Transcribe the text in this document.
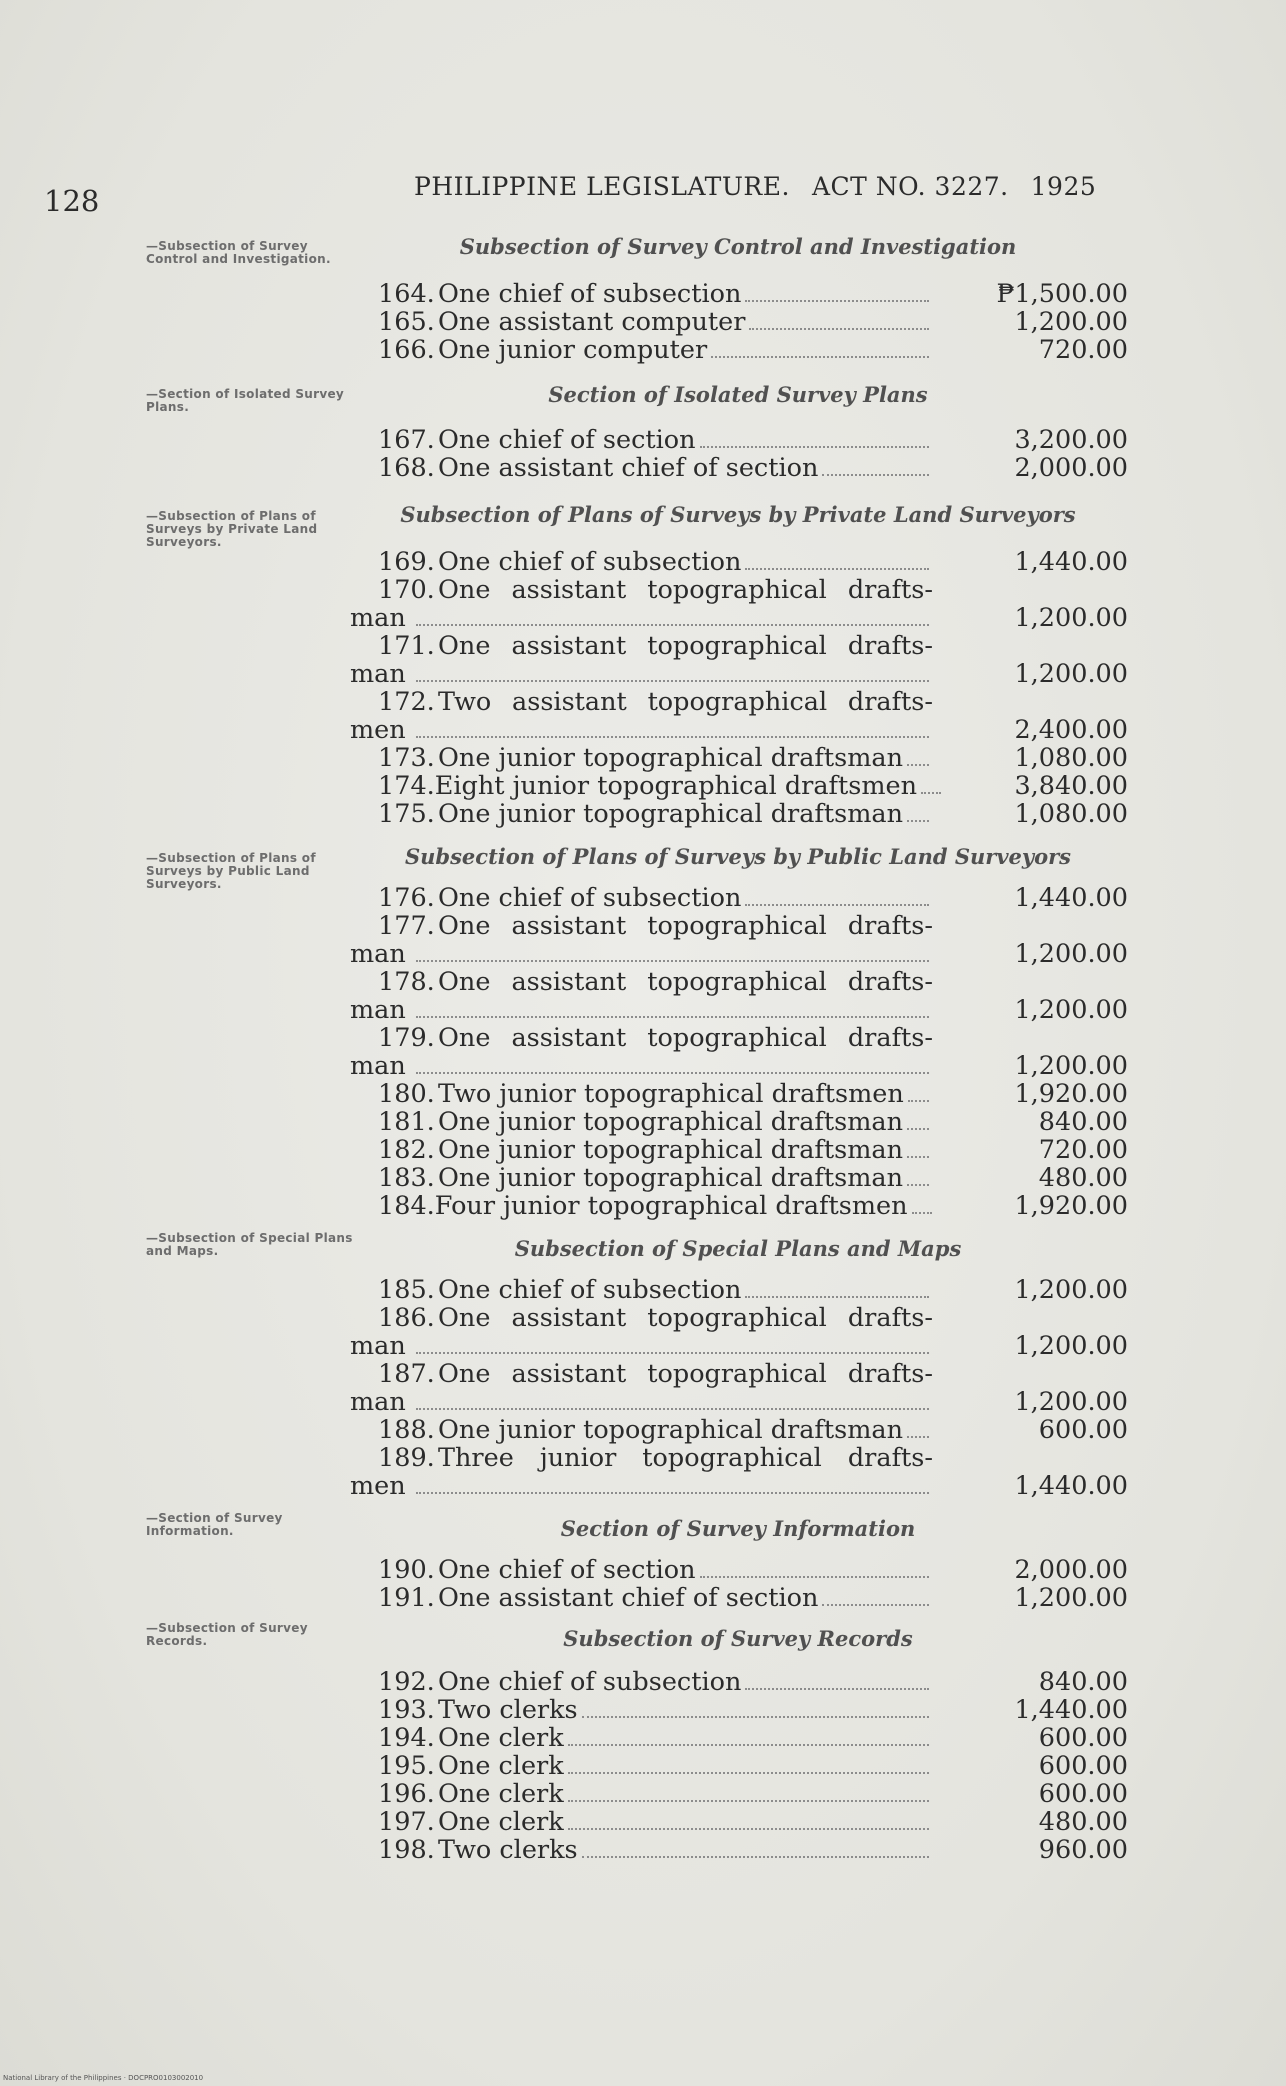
128	PHILIPPINE LEGISLATURE. ACT NO. 3227. 1925
—Subsection of Survey Control and Investigation.
—Section of Isolated Survey Plans.
—Subsection of Plans of Surveys by Private Land Surveyors.
—Subsection of Plans of Surveys by Public Land Surveyors.
—Subsection of Special Plans and Maps.
—Section of Survey Information.
—Subsection of Survey Records.
Subsection of Survey Control and Investigation
Section of Isolated Survey Plans
Subsection of Plans of Surveys by Private Land Surveyors
Subsection of Plans of Surveys by Public Land Surveyors
Subsection of Special Plans and Maps
Section of Survey Information
Subsection of Survey Records
164. One chief of subsection	₱1,500.00
165. One assistant computer	1,200.00
166. One junior computer	720.00
167. One chief of section	3,200.00
168. One assistant chief of section	2,000.00
169. One chief of subsection	1,440.00
170. One assistant topographical drafts-
man	1,200.00
171. One assistant topographical drafts-
man	1,200.00
172. Two assistant topographical drafts-
men	2,400.00
173. One junior topographical draftsman	1,080.00
174. Eight junior topographical draftsmen	3,840.00
175. One junior topographical draftsman	1,080.00
176. One chief of subsection	1,440.00
177. One assistant topographical drafts-
man	1,200.00
178. One assistant topographical drafts-
man	1,200.00
179. One assistant topographical drafts-
man	1,200.00
180. Two junior topographical draftsmen	1,920.00
181. One junior topographical draftsman	840.00
182. One junior topographical draftsman	720.00
183. One junior topographical draftsman	480.00
184. Four junior topographical draftsmen	1,920.00
185. One chief of subsection	1,200.00
186. One assistant topographical drafts-
man	1,200.00
187. One assistant topographical drafts-
man	1,200.00
188. One junior topographical draftsman	600.00
189. Three junior topographical drafts-
men	1,440.00
190. One chief of section	2,000.00
191. One assistant chief of section	1,200.00
192. One chief of subsection	840.00
193. Two clerks	1,440.00
194. One clerk	600.00
195. One clerk	600.00
196. One clerk	600.00
197. One clerk	480.00
198. Two clerks	960.00
National Library of the Philippines · DOCPRO0103002010
